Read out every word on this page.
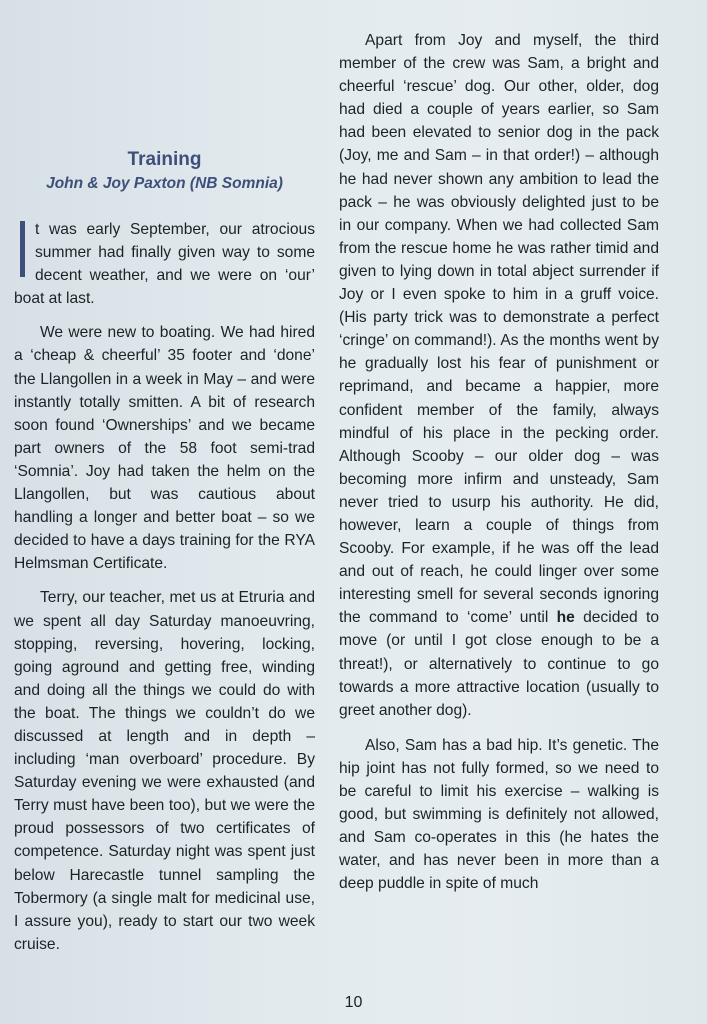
Training
John & Joy Paxton (NB Somnia)

t was early September, our atrocious summer had finally given way to some decent weather, and we were on ‘our’ boat at last.

We were new to boating. We had hired a ‘cheap & cheerful’ 35 footer and ‘done’ the Llangollen in a week in May – and were instantly totally smitten. A bit of research soon found ‘Ownerships’ and we became part owners of the 58 foot semi-trad ‘Somnia’. Joy had taken the helm on the Llangollen, but was cautious about handling a longer and better boat – so we decided to have a days training for the RYA Helmsman Certificate.

Terry, our teacher, met us at Etruria and we spent all day Saturday manoeuvring, stopping, reversing, hovering, locking, going aground and getting free, winding and doing all the things we could do with the boat. The things we couldn’t do we discussed at length and in depth – including ‘man overboard’ procedure. By Saturday evening we were exhausted (and Terry must have been too), but we were the proud possessors of two certificates of competence. Saturday night was spent just below Harecastle tunnel sampling the Tobermory (a single malt for medicinal use, I assure you), ready to start our two week cruise.

Apart from Joy and myself, the third member of the crew was Sam, a bright and cheerful ‘rescue’ dog. Our other, older, dog had died a couple of years earlier, so Sam had been elevated to senior dog in the pack (Joy, me and Sam – in that order!) – although he had never shown any ambition to lead the pack – he was obviously delighted just to be in our company. When we had collected Sam from the rescue home he was rather timid and given to lying down in total abject surrender if Joy or I even spoke to him in a gruff voice. (His party trick was to demonstrate a perfect ‘cringe’ on command!). As the months went by he gradually lost his fear of punishment or reprimand, and became a happier, more confident member of the family, always mindful of his place in the pecking order. Although Scooby – our older dog – was becoming more infirm and unsteady, Sam never tried to usurp his authority. He did, however, learn a couple of things from Scooby. For example, if he was off the lead and out of reach, he could linger over some interesting smell for several seconds ignoring the command to ‘come’ until he decided to move (or until I got close enough to be a threat!), or alternatively to continue to go towards a more attractive location (usually to greet another dog).

Also, Sam has a bad hip. It’s genetic. The hip joint has not fully formed, so we need to be careful to limit his exercise – walking is good, but swimming is definitely not allowed, and Sam co-operates in this (he hates the water, and has never been in more than a deep puddle in spite of much

10
